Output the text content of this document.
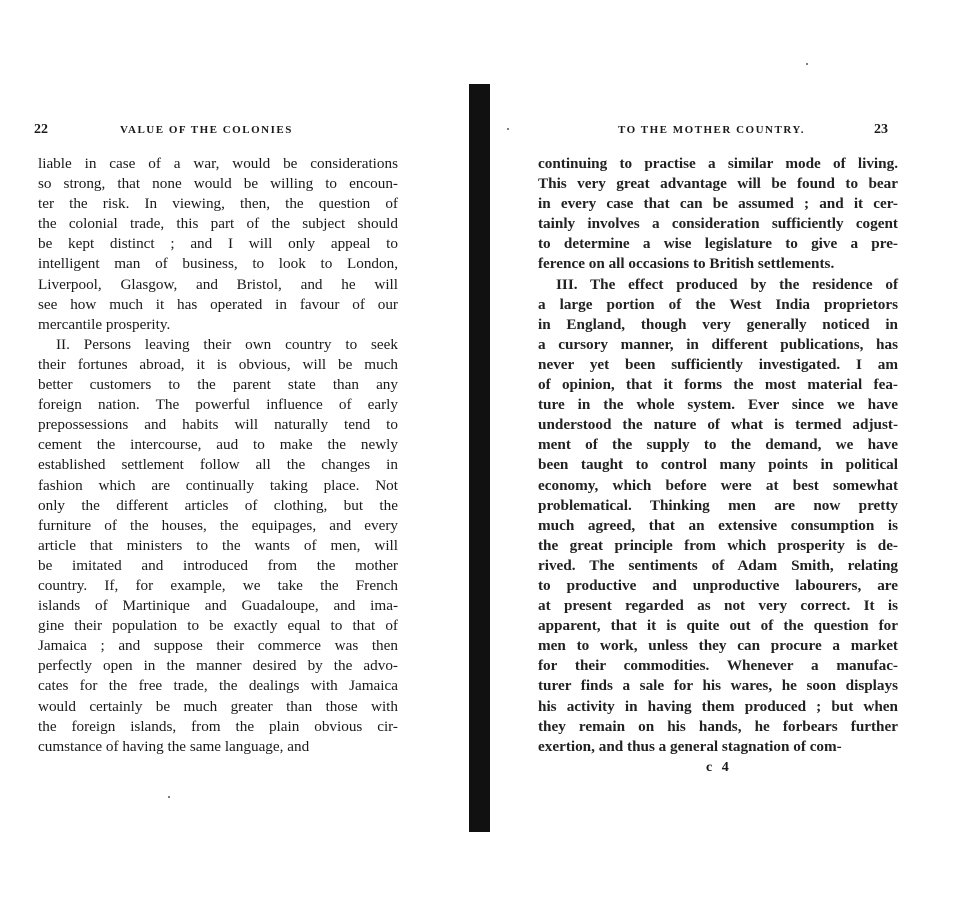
22	VALUE OF THE COLONIES
liable in case of a war, would be considerations
so strong, that none would be willing to encoun-
ter the risk. In viewing, then, the question of
the colonial trade, this part of the subject should
be kept distinct ; and I will only appeal to
intelligent man of business, to look to London,
Liverpool, Glasgow, and Bristol, and he will
see how much it has operated in favour of our
mercantile prosperity.
II. Persons leaving their own country to seek
their fortunes abroad, it is obvious, will be much
better customers to the parent state than any
foreign nation. The powerful influence of early
prepossessions and habits will naturally tend to
cement the intercourse, aud to make the newly
established settlement follow all the changes in
fashion which are continually taking place. Not
only the different articles of clothing, but the
furniture of the houses, the equipages, and every
article that ministers to the wants of men, will
be imitated and introduced from the mother
country. If, for example, we take the French
islands of Martinique and Guadaloupe, and ima-
gine their population to be exactly equal to that of
Jamaica ; and suppose their commerce was then
perfectly open in the manner desired by the advo-
cates for the free trade, the dealings with Jamaica
would certainly be much greater than those with
the foreign islands, from the plain obvious cir-
cumstance of having the same language, and
TO THE MOTHER COUNTRY.	23
continuing to practise a similar mode of living.
This very great advantage will be found to bear
in every case that can be assumed ; and it cer-
tainly involves a consideration sufficiently cogent
to determine a wise legislature to give a pre-
ference on all occasions to British settlements.
III. The effect produced by the residence of
a large portion of the West India proprietors
in England, though very generally noticed in
a cursory manner, in different publications, has
never yet been sufficiently investigated. I am
of opinion, that it forms the most material fea-
ture in the whole system. Ever since we have
understood the nature of what is termed adjust-
ment of the supply to the demand, we have
been taught to control many points in political
economy, which before were at best somewhat
problematical. Thinking men are now pretty
much agreed, that an extensive consumption is
the great principle from which prosperity is de-
rived. The sentiments of Adam Smith, relating
to productive and unproductive labourers, are
at present regarded as not very correct. It is
apparent, that it is quite out of the question for
men to work, unless they can procure a market
for their commodities. Whenever a manufac-
turer finds a sale for his wares, he soon displays
his activity in having them produced ; but when
they remain on his hands, he forbears further
exertion, and thus a general stagnation of com-
c 4
